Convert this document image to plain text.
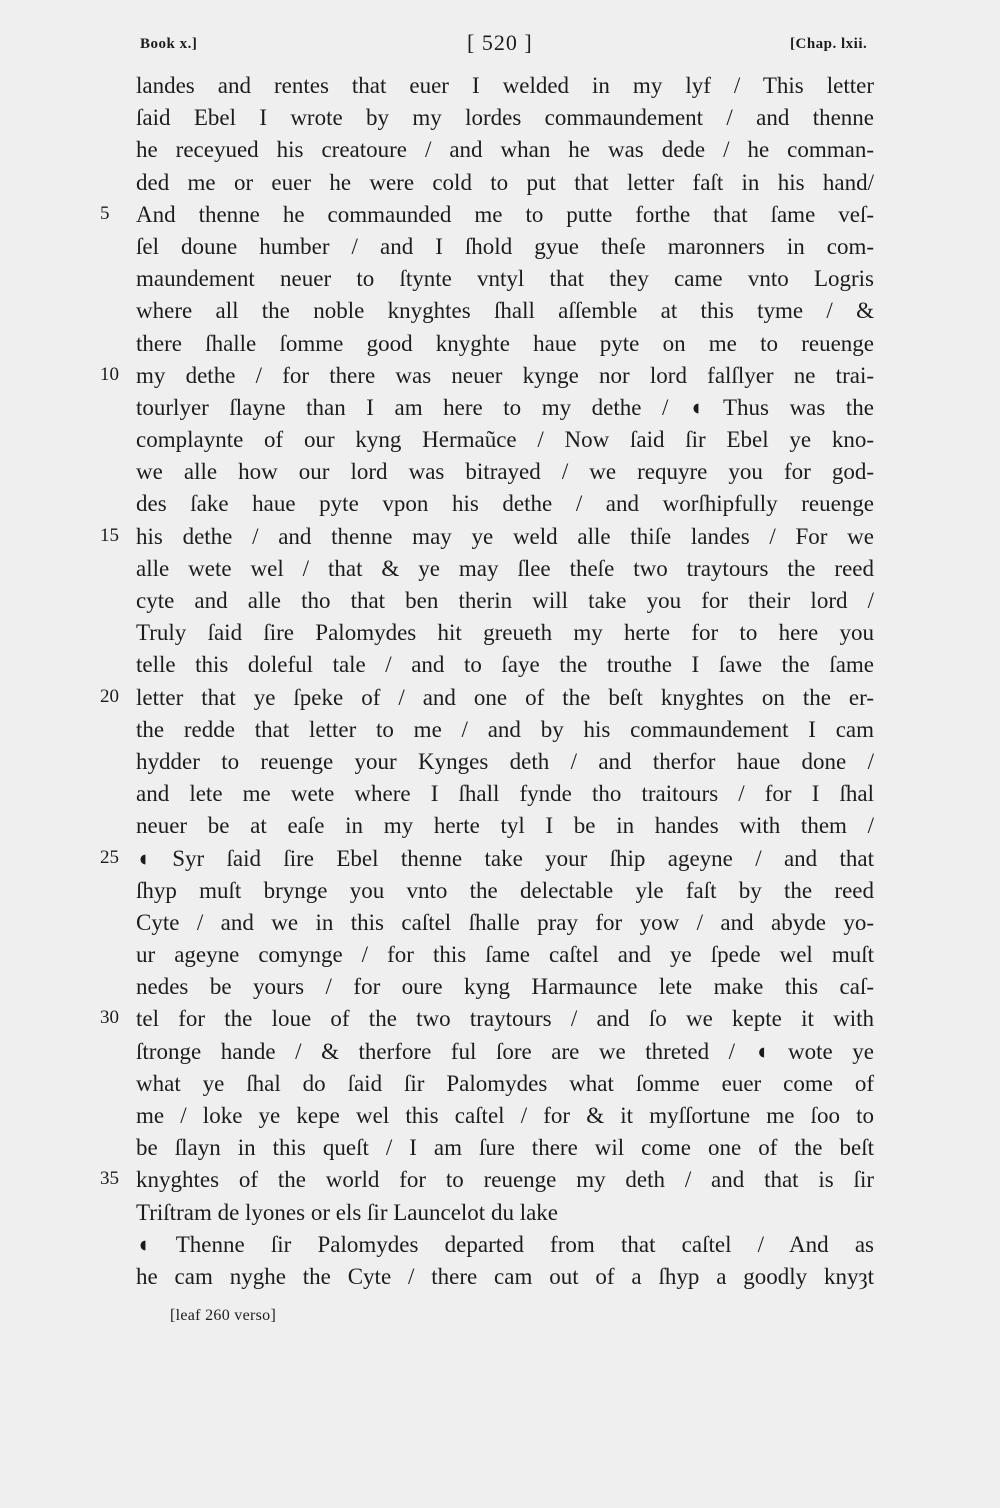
Book x.]	[ 520 ]	[Chap. lxii.
landes and rentes that euer I welded in my lyf / This letter
ſaid Ebel I wrote by my lordes commaundement / and thenne
he receyued his creatoure / and whan he was dede / he comman-
ded me or euer he were cold to put that letter faſt in his hand/
5	And thenne he commaunded me to putte forthe that ſame veſ-
ſel doune humber / and I ſhold gyue theſe maronners in com-
maundement neuer to ſtynte vntyl that they came vnto Logris
where all the noble knyghtes ſhall aſſemble at this tyme / &
there ſhalle ſomme good knyghte haue pyte on me to reuenge
10 my dethe / for there was neuer kynge nor lord falſlyer ne trai-
tourlyer ſlayne than I am here to my dethe / ◖ Thus was the
complaynte of our kyng Hermaũce / Now ſaid ſir Ebel ye kno-
we alle how our lord was bitrayed / we requyre you for god-
des ſake haue pyte vpon his dethe / and worſhipfully reuenge
15 his dethe / and thenne may ye weld alle thiſe landes / For we
alle wete wel / that & ye may ſlee theſe two traytours the reed
cyte and alle tho that ben therin will take you for their lord /
Truly ſaid ſire Palomydes hit greueth my herte for to here you
telle this doleful tale / and to ſaye the trouthe I ſawe the ſame
20 letter that ye ſpeke of / and one of the beſt knyghtes on the er-
the redde that letter to me / and by his commaundement I cam
hydder to reuenge your Kynges deth / and therfor haue done /
and lete me wete where I ſhall fynde tho traitours / for I ſhal
neuer be at eaſe in my herte tyl I be in handes with them /
25 ◖ Syr ſaid ſire Ebel thenne take your ſhip ageyne / and that
ſhyp muſt brynge you vnto the delectable yle faſt by the reed
Cyte / and we in this caſtel ſhalle pray for yow / and abyde yo-
ur ageyne comynge / for this ſame caſtel and ye ſpede wel muſt
nedes be yours / for oure kyng Harmaunce lete make this caſ-
30 tel for the loue of the two traytours / and ſo we kepte it with
ſtronge hande / & therfore ful ſore are we threted / ◖ wote ye
what ye ſhal do ſaid ſir Palomydes what ſomme euer come of
me / loke ye kepe wel this caſtel / for & it myſſortune me ſoo to
be ſlayn in this queſt / I am ſure there wil come one of the beſt
35 knyghtes of the world for to reuenge my deth / and that is ſir
Triſtram de lyones or els ſir Launcelot du lake
◖ Thenne ſir Palomydes departed from that caſtel / And as
he cam nyghe the Cyte / there cam out of a ſhyp a goodly knyȝt
[leaf 260 verso]
